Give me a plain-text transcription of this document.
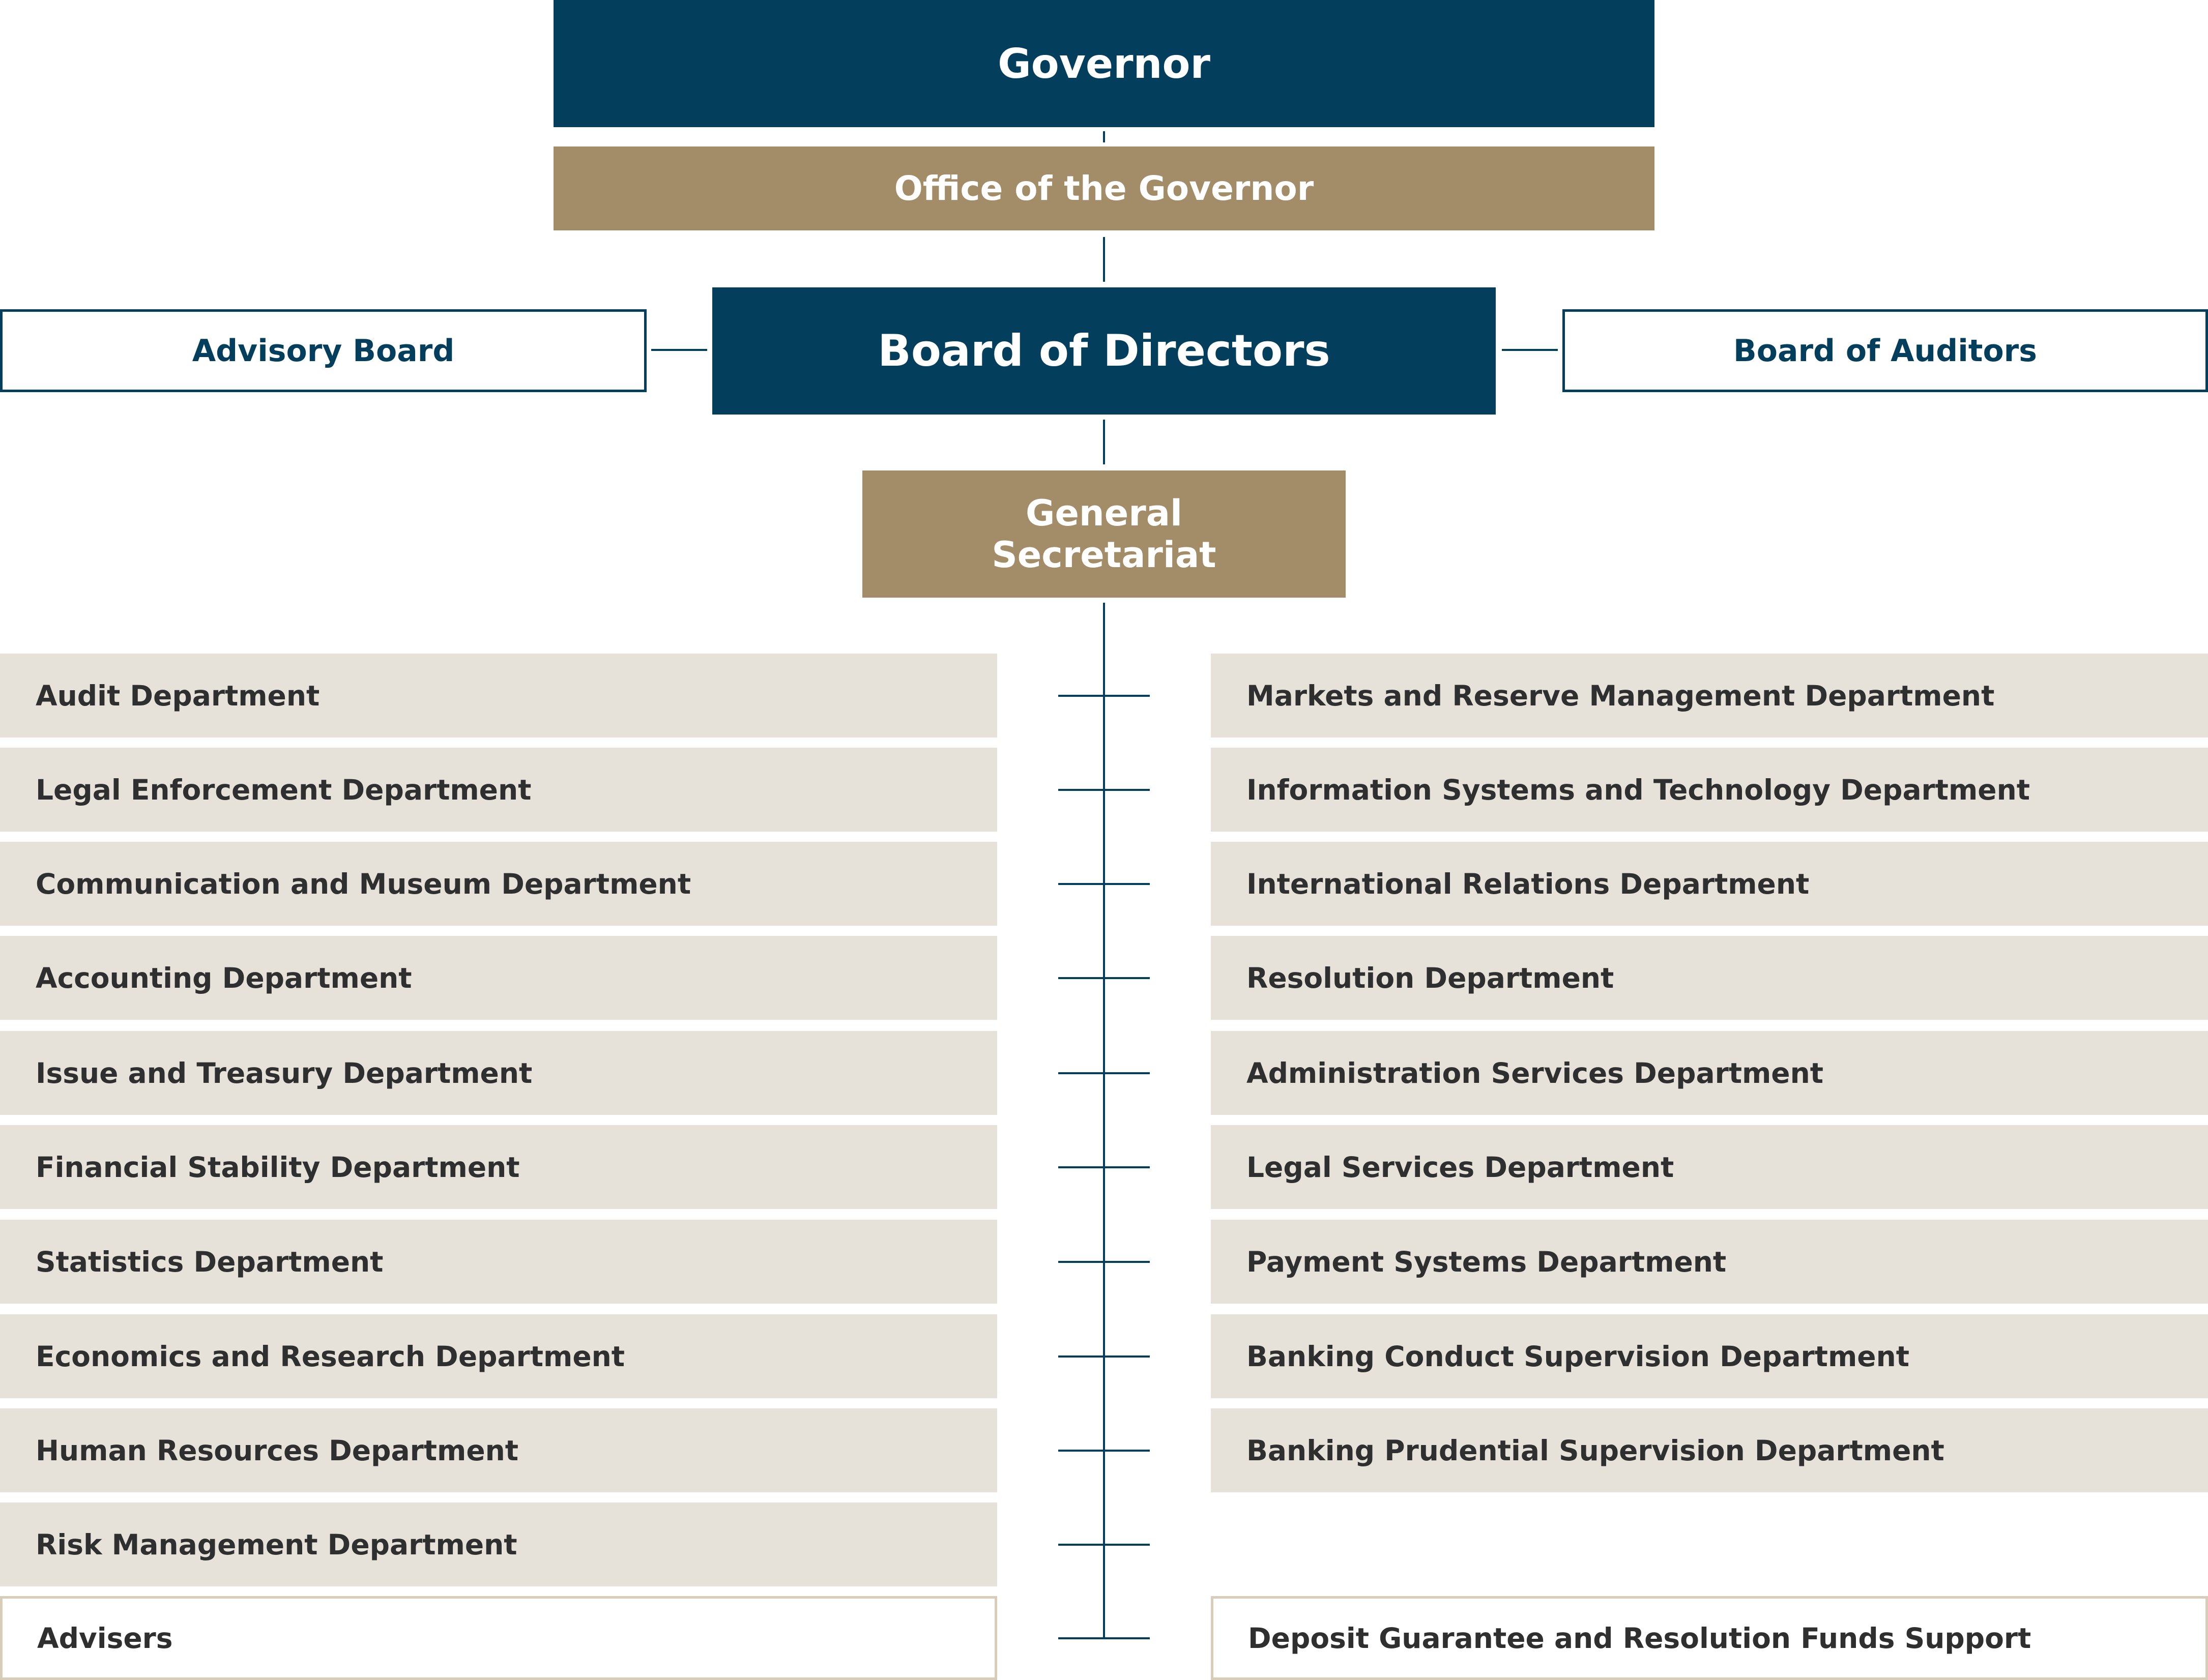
Governor
Office of the Governor
Advisory Board	Board of Directors	Board of Auditors
General
Secretariat
Audit Department
Legal Enforcement Department
Communication and Museum Department
Accounting Department
Issue and Treasury Department
Financial Stability Department
Statistics Department
Economics and Research Department
Human Resources Department
Risk Management Department
Advisers
Markets and Reserve Management Department
Information Systems and Technology Department
International Relations Department
Resolution Department
Administration Services Department
Legal Services Department
Payment Systems Department
Banking Conduct Supervision Department
Banking Prudential Supervision Department
Deposit Guarantee and Resolution Funds Support
